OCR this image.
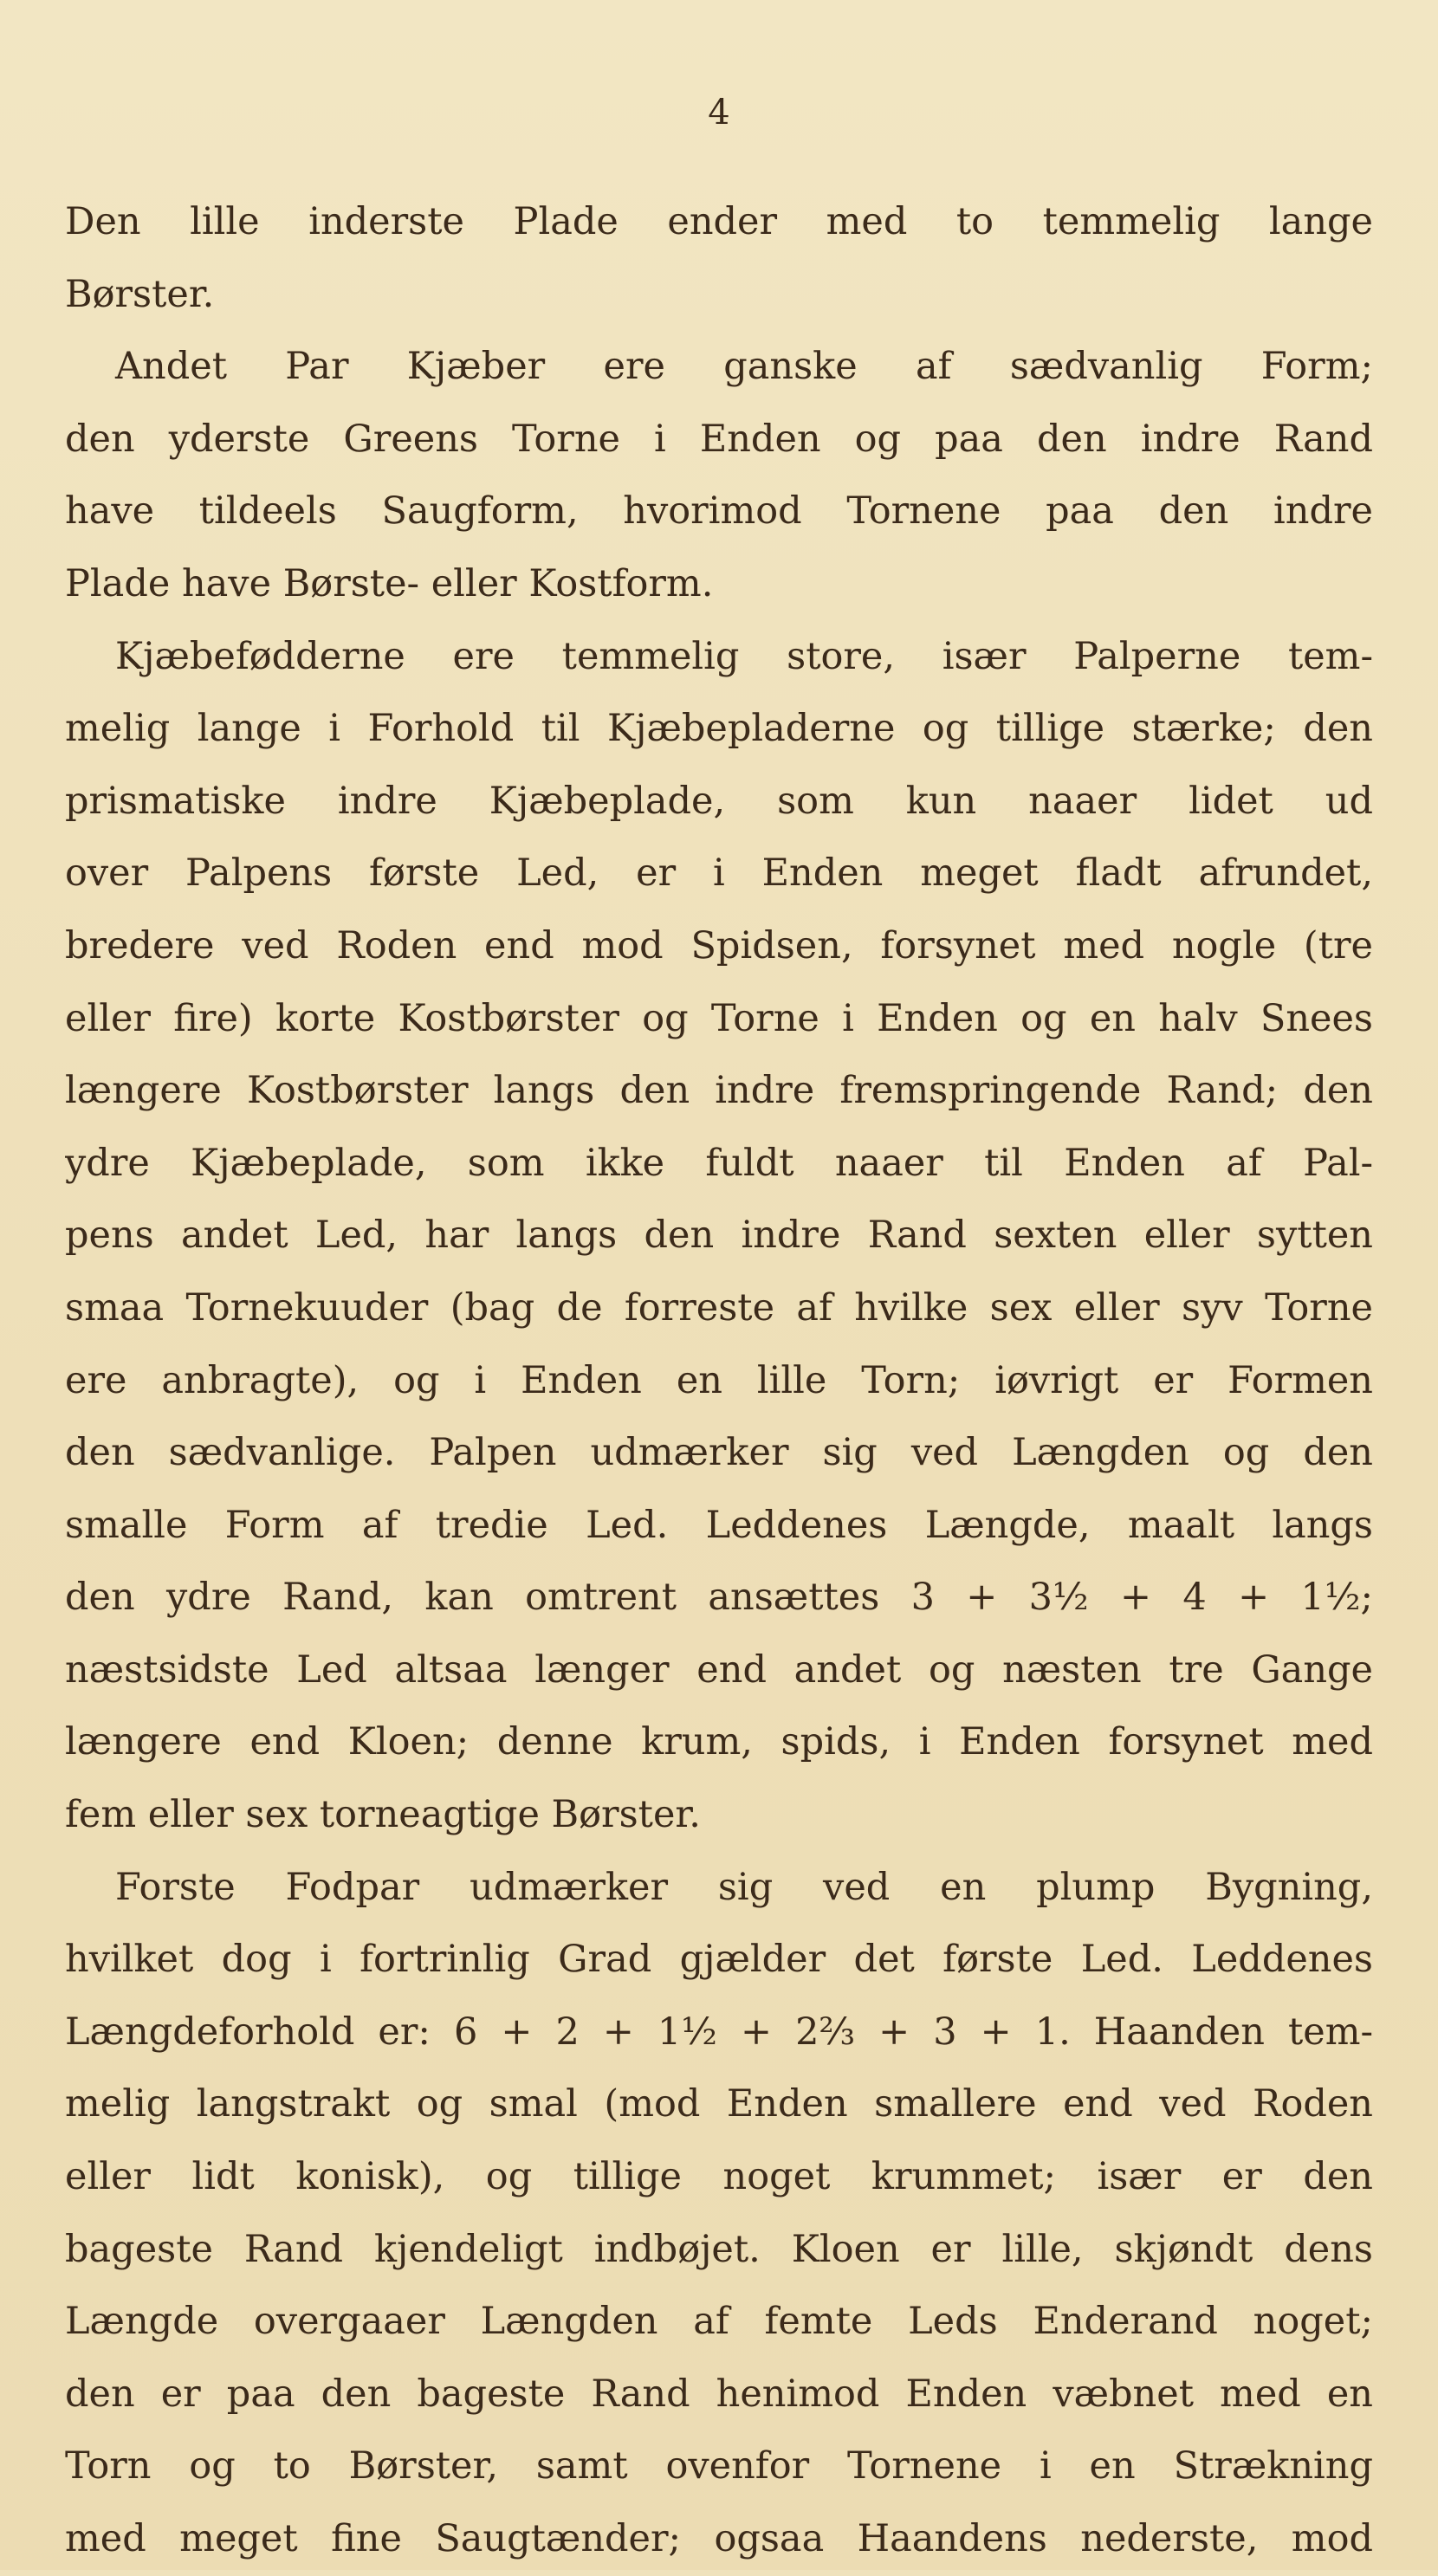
4
Den lille inderste Plade ender med to temmelig lange
Børster.
Andet Par Kjæber ere ganske af sædvanlig Form;
den yderste Greens Torne i Enden og paa den indre Rand
have tildeels Saugform, hvorimod Tornene paa den indre
Plade have Børste- eller Kostform.
Kjæbefødderne ere temmelig store, især Palperne tem-
melig lange i Forhold til Kjæbepladerne og tillige stærke; den
prismatiske indre Kjæbeplade, som kun naaer lidet ud
over Palpens første Led, er i Enden meget fladt afrundet,
bredere ved Roden end mod Spidsen, forsynet med nogle (tre
eller fire) korte Kostbørster og Torne i Enden og en halv Snees
længere Kostbørster langs den indre fremspringende Rand; den
ydre Kjæbeplade, som ikke fuldt naaer til Enden af Pal-
pens andet Led, har langs den indre Rand sexten eller sytten
smaa Tornekuuder (bag de forreste af hvilke sex eller syv Torne
ere anbragte), og i Enden en lille Torn; iøvrigt er Formen
den sædvanlige. Palpen udmærker sig ved Længden og den
smalle Form af tredie Led. Leddenes Længde, maalt langs
den ydre Rand, kan omtrent ansættes 3 + 3½ + 4 + 1½;
næstsidste Led altsaa længer end andet og næsten tre Gange
længere end Kloen; denne krum, spids, i Enden forsynet med
fem eller sex torneagtige Børster.
Forste Fodpar udmærker sig ved en plump Bygning,
hvilket dog i fortrinlig Grad gjælder det første Led. Leddenes
Længdeforhold er: 6 + 2 + 1½ + 2⅔ + 3 + 1. Haanden tem-
melig langstrakt og smal (mod Enden smallere end ved Roden
eller lidt konisk), og tillige noget krummet; især er den
bageste Rand kjendeligt indbøjet. Kloen er lille, skjøndt dens
Længde overgaaer Længden af femte Leds Enderand noget;
den er paa den bageste Rand henimod Enden væbnet med en
Torn og to Børster, samt ovenfor Tornene i en Strækning
med meget fine Saugtænder; ogsaa Haandens nederste, mod
